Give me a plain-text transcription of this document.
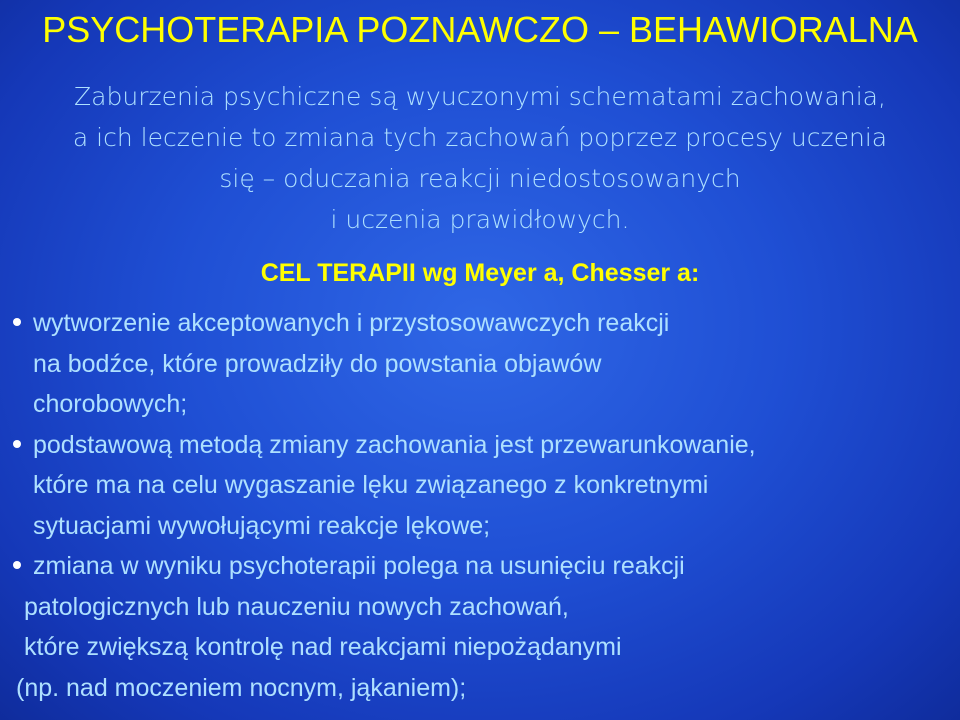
PSYCHOTERAPIA POZNAWCZO – BEHAWIORALNA
Zaburzenia psychiczne są wyuczonymi schematami zachowania,
a ich leczenie to zmiana tych zachowań poprzez procesy uczenia
się – oduczania reakcji niedostosowanych
i uczenia prawidłowych.
CEL TERAPII wg Meyer a, Chesser a:
wytworzenie akceptowanych i przystosowawczych reakcji
na bodźce, które prowadziły do powstania objawów
chorobowych;
podstawową metodą zmiany zachowania jest przewarunkowanie,
które ma na celu wygaszanie lęku związanego z konkretnymi
sytuacjami wywołującymi reakcje lękowe;
zmiana w wyniku psychoterapii polega na usunięciu reakcji
patologicznych lub nauczeniu nowych zachowań,
które zwiększą kontrolę nad reakcjami niepożądanymi
(np. nad moczeniem nocnym, jąkaniem);
